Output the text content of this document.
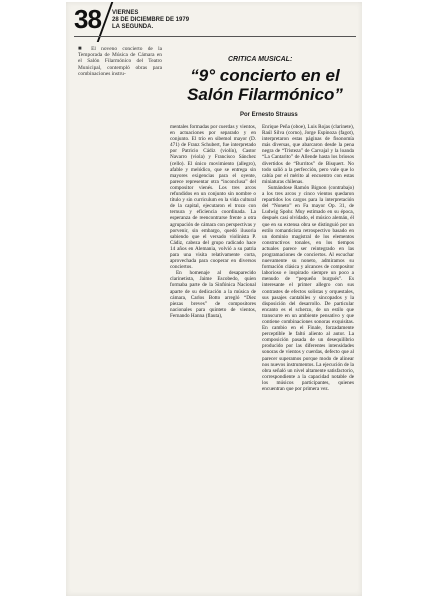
38 VIERNES
28 DE DICIEMBRE DE 1979
LA SEGUNDA.
■ El noveno concierto de la Temporada de Música de Cámara en el Salón Filarmónico del Teatro Municipal, contempló obras para combinaciones instru-
CRITICA MUSICAL:
“9° concierto en el Salón Filarmónico”
Por Ernesto Strauss

mentales formadas por cuerdas y vientos, en actuaciones por separado y en conjunto. El trío en sibemol mayor (D. 471) de Franz Schubert, fue interpretado por Patricio Cádiz (violín), Castor Navarro (viola) y Francisco Sánchez (cello). El único movimiento (allegro), afable y melódico, que se entrega sin mayores exigencias para el oyente, parece representar otra “inconclusa” del compositor vienés. Los tres arcos refundidos en un conjunto sin nombre o título y sin curriculum en la vida cultural de la capital, ejecutaron el trozo con ternura y eficiencia coordinada. La esperanza de reencontrarse frente a otra agrupación de cámara con perspectivas y porvenir, sin embargo, quedó ilusoria sabiendo que el versado violinista P. Cádiz, cabeza del grupo radicado hace 14 años en Alemania, volvió a su patria para una visita relativamente corta, aprovechada para cooperar en diversos conciertos.

En homenaje al desaparecido clarinetista, Jaime Escobedo, quien formaba parte de la Sinfónica Nacional aparte de su dedicación a la música de cámara, Carlos Botto arregló “Diez piezas breves” de compositores nacionales para quinteto de vientos, Fernando Hanna (flauta),

Enrique Peña (oboe), Luis Rojas (clarinete), Raúl Silva (corno), Jorge Espinoza (fagot), interpretaron estas páginas de fisonomía más diversas, que abarcaron desde la pena negra de “Tristeza” de Carvajal y la loanda “La Cantarito” de Allende hasta los briosos divertidos de “Burritos” de Bisquert. No todo salió a la perfección, pero vale que lo cabía por el mérito al encuentro con estas miniaturas chilenas.

Sumándose Ramón Bignon (contrabajo) a los tres arcos y cinco vientos quedaron repartidos los cargos para la interpretación del “Noneto” en Fa mayor Op. 31, de Ludwig Spohr. Muy estimado en su época, después casi olvidado, el músico alemán, él que en su extensa obra se distinguió por un estilo romanticista retrospectivo basado en un dominio magistral de los elementos constructivos tonales, en los tiempos actuales parece ser reintegrado en las programaciones de conciertos. Al escuchar nuevamente su noneto, admiramos su formación clásica y alcances de compositor laborioso e inspirado siempre un poco a menudo de “pequeño burgués”. Es interesante el primer allegro con sus contrastes de efectos solistas y orquestales, sus pasajes cantabiles y sincopados y la disposición del desarrollo. De particular encanto es el scherzo, de un estilo que transcurre en un ambiente pensativo y que contiene combinaciones sonoras exquisitas. En cambio en el Finale, forzadamente perceptible le faltó aliento al autor. La composición pasada de un desequilibrio producido por las diferentes intensidades sonoras de vientos y cuerdas, defecto que al parecer superamos porque modo de alinear nos nuevos instrumentos. La ejecución de la obra señaló un nivel altamente satisfactorio, correspondiente a la capacidad notable de los músicos participantes, quienes encuentran que por primera vez.
